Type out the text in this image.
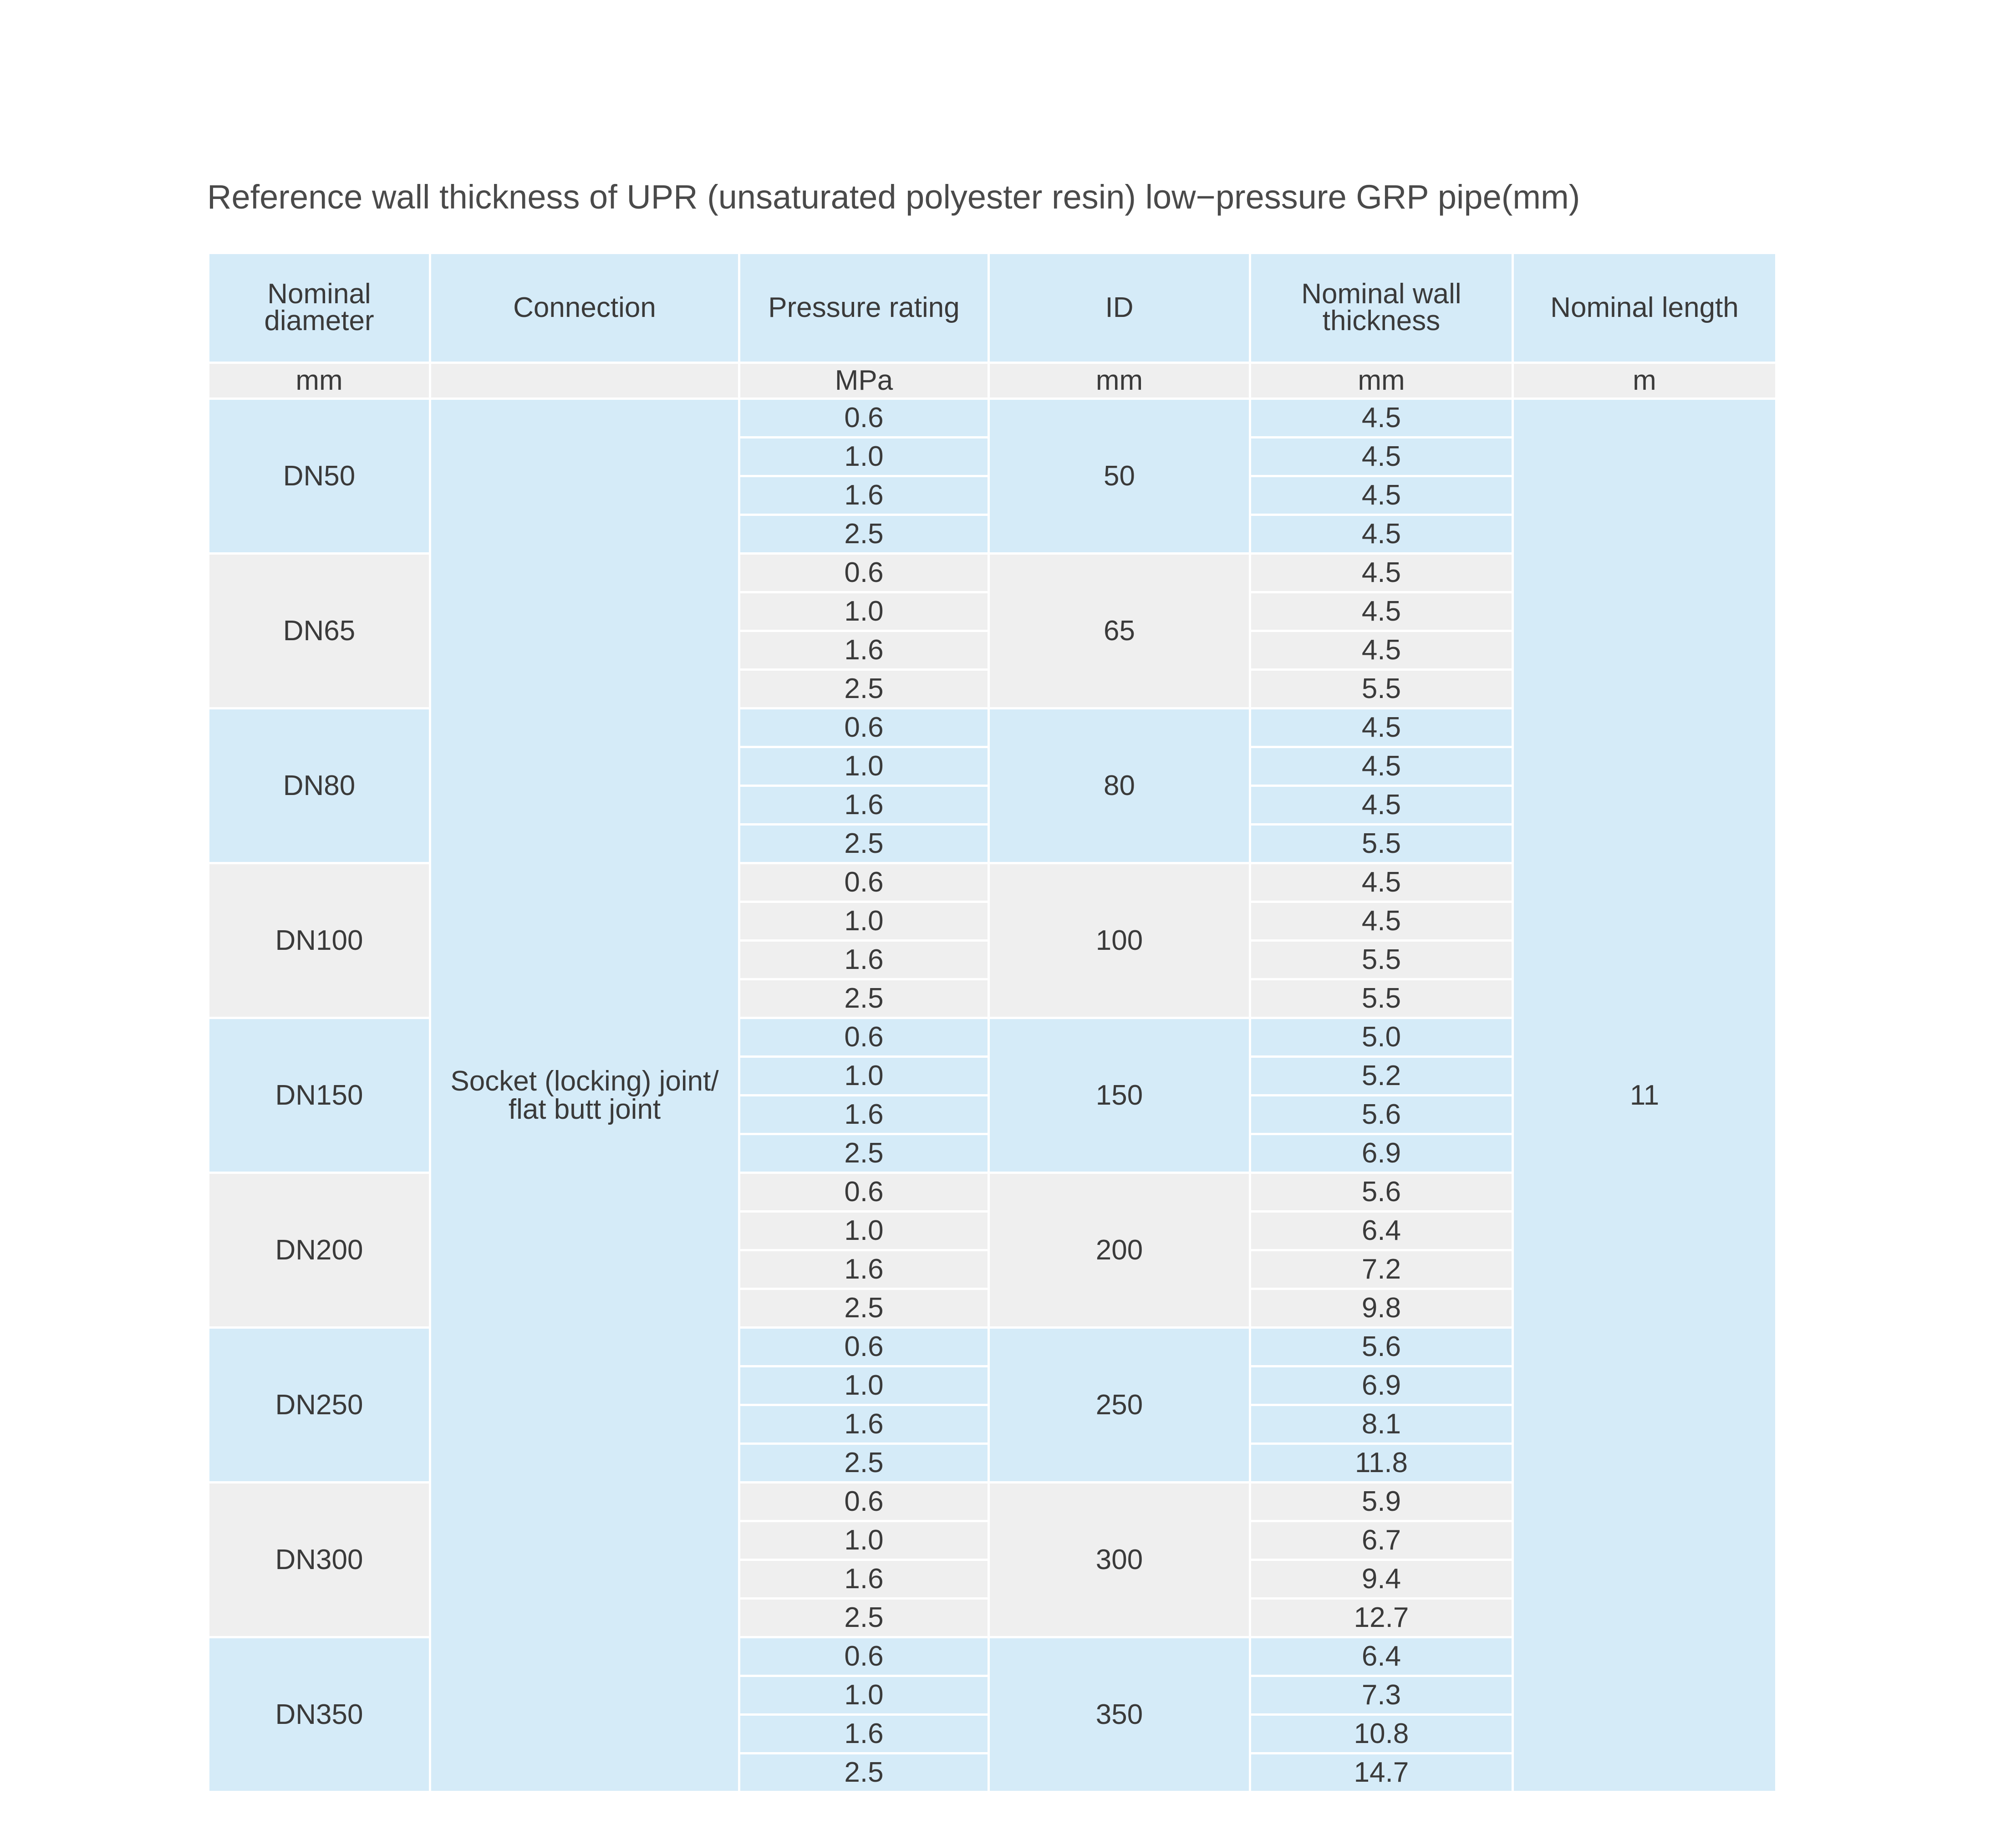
Reference wall thickness of UPR (unsaturated polyester resin) low−pressure GRP pipe(mm)
Nominal diameter	Connection	Pressure rating	ID	Nominal wall thickness	Nominal length
mm		MPa	mm	mm	m
DN50	Socket (locking) joint/ flat butt joint	0.6	50	4.5	11
		1.0		4.5	
		1.6		4.5	
		2.5		4.5	
DN65		0.6	65	4.5	
		1.0		4.5	
		1.6		4.5	
		2.5		5.5	
DN80		0.6	80	4.5	
		1.0		4.5	
		1.6		4.5	
		2.5		5.5	
DN100		0.6	100	4.5	
		1.0		4.5	
		1.6		5.5	
		2.5		5.5	
DN150		0.6	150	5.0	
		1.0		5.2	
		1.6		5.6	
		2.5		6.9	
DN200		0.6	200	5.6	
		1.0		6.4	
		1.6		7.2	
		2.5		9.8	
DN250		0.6	250	5.6	
		1.0		6.9	
		1.6		8.1	
		2.5		11.8	
DN300		0.6	300	5.9	
		1.0		6.7	
		1.6		9.4	
		2.5		12.7	
DN350		0.6	350	6.4	
		1.0		7.3	
		1.6		10.8	
		2.5		14.7	
